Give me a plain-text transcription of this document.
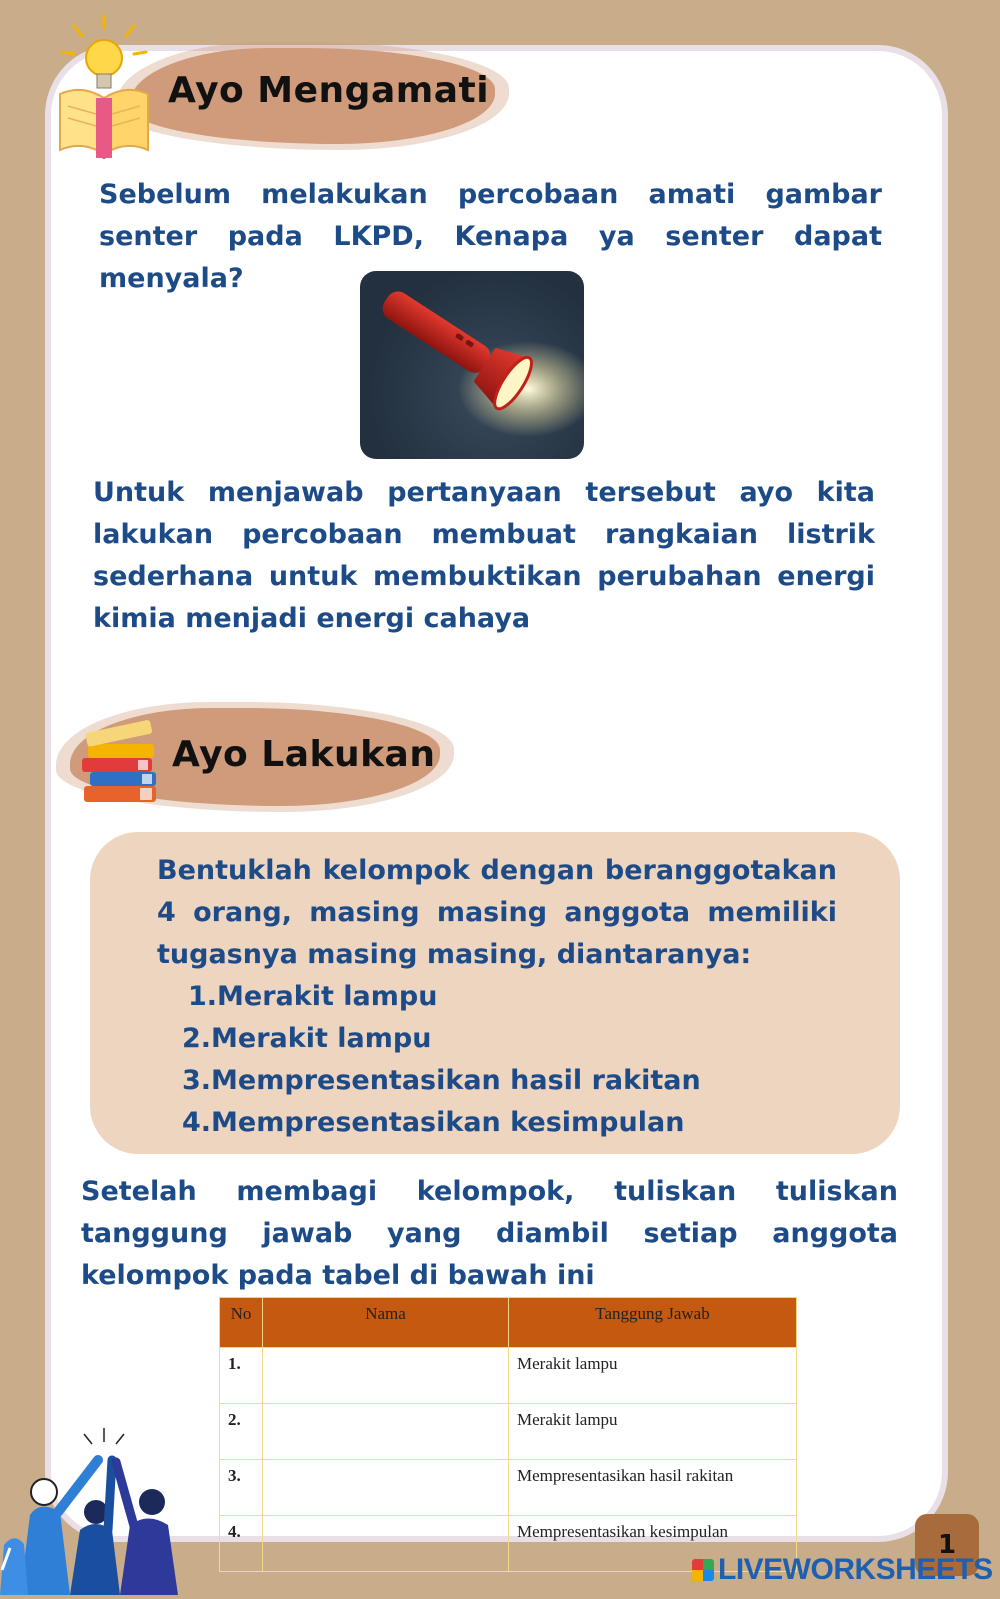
Ayo Mengamati
Sebelum melakukan percobaan amati gambar senter pada LKPD, Kenapa ya senter dapat menyala?
Untuk menjawab pertanyaan tersebut ayo kita lakukan percobaan membuat rangkaian listrik sederhana untuk membuktikan perubahan energi kimia menjadi energi cahaya
Ayo Lakukan
Bentuklah kelompok dengan beranggotakan 4 orang, masing masing anggota memiliki tugasnya masing masing, diantaranya:
1.Merakit lampu
2.Merakit lampu
3.Mempresentasikan hasil rakitan
4.Mempresentasikan kesimpulan
Setelah membagi kelompok, tuliskan tuliskan tanggung jawab yang diambil setiap anggota kelompok pada tabel di bawah ini
No	Nama	Tanggung Jawab
1.		Merakit lampu
2.		Merakit lampu
3.		Mempresentasikan hasil rakitan
4.		Mempresentasikan kesimpulan	1
LIVEWORKSHEETS
